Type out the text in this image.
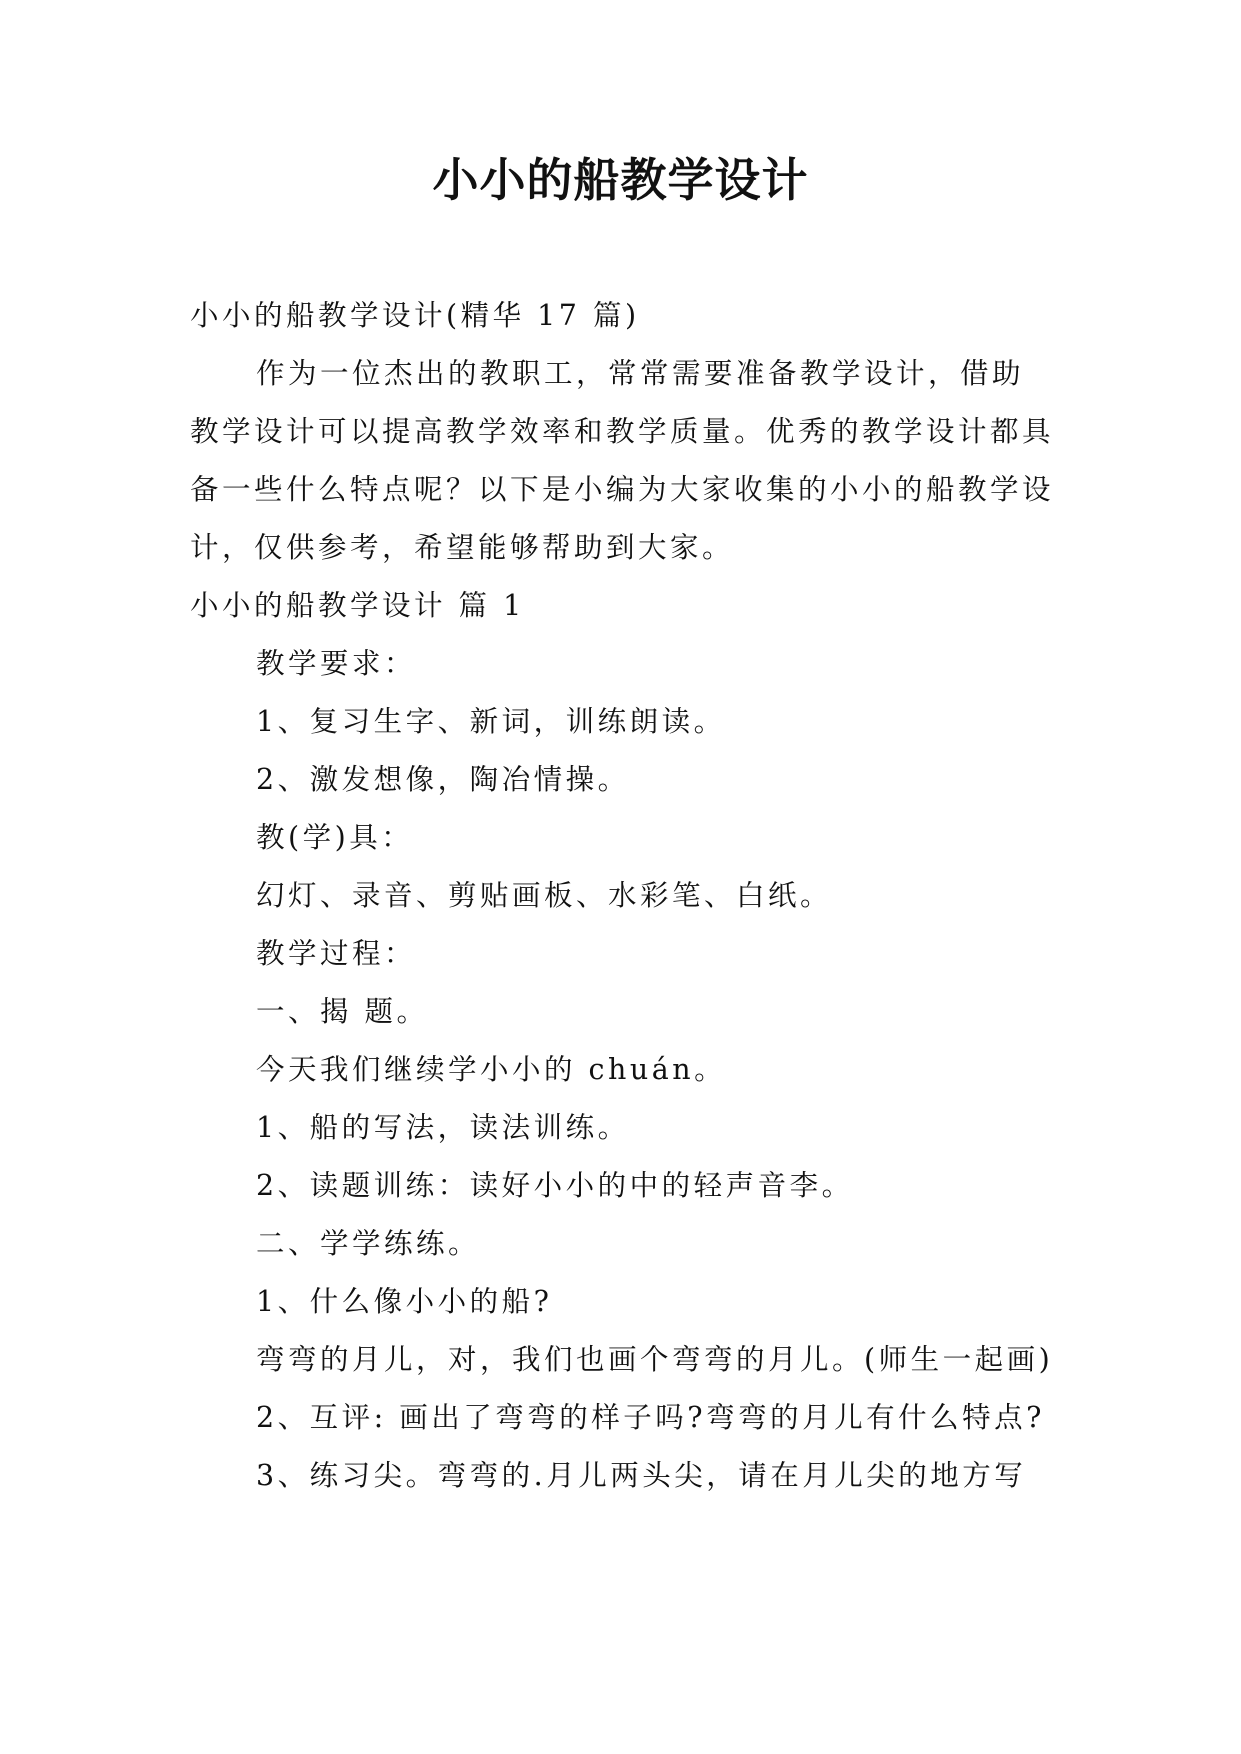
小小的船教学设计

小小的船教学设计(精华 17 篇)

作为一位杰出的教职工，常常需要准备教学设计，借助教学设计可以提高教学效率和教学质量。优秀的教学设计都具备一些什么特点呢？以下是小编为大家收集的小小的船教学设计，仅供参考，希望能够帮助到大家。

小小的船教学设计 篇 1

教学要求：

1、复习生字、新词，训练朗读。

2、激发想像，陶冶情操。

教(学)具：

幻灯、录音、剪贴画板、水彩笔、白纸。

教学过程：

一、揭 题。

今天我们继续学小小的 chuán。

1、船的写法，读法训练。

2、读题训练：读好小小的中的轻声音李。

二、学学练练。

1、什么像小小的船?

弯弯的月儿，对，我们也画个弯弯的月儿。(师生一起画)

2、互评: 画出了弯弯的样子吗?弯弯的月儿有什么特点?

3、练习尖。弯弯的.月儿两头尖，请在月儿尖的地方写
